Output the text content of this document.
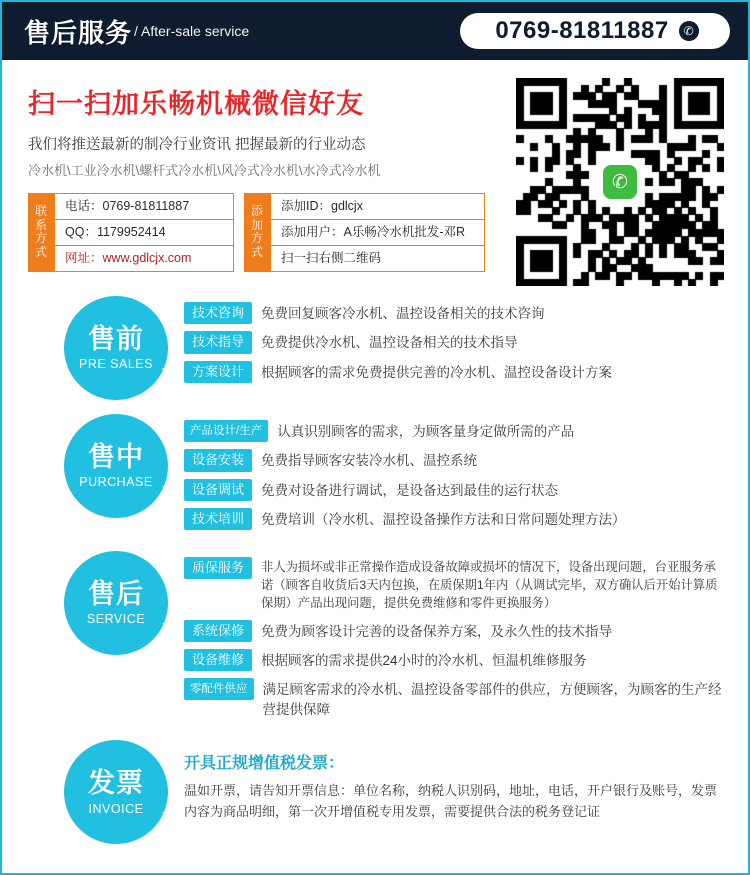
售后服务 / After-sale service	0769-81811887	✆
扫一扫加乐畅机械微信好友
我们将推送最新的制冷行业资讯 把握最新的行业动态
冷水机\工业冷水机\螺杆式冷水机\风冷式冷水机\水冷式冷水机
联系方式
电话：0769-81811887
QQ：1179952414
网址：www.gdlcjx.com
添加方式
添加ID：gdlcjx
添加用户：A乐畅冷水机批发-邓R
扫一扫右侧二维码
✆
售前
PRE SALES
❯
技术咨询	免费回复顾客冷水机、温控设备相关的技术咨询
技术指导	免费提供冷水机、温控设备相关的技术指导
方案设计	根据顾客的需求免费提供完善的冷水机、温控设备设计方案
售中
PURCHASE
❯
产品设计/生产	认真识别顾客的需求，为顾客量身定做所需的产品
设备安装	免费指导顾客安装冷水机、温控系统
设备调试	免费对设备进行调试，是设备达到最佳的运行状态
技术培训	免费培训（冷水机、温控设备操作方法和日常问题处理方法）
售后
SERVICE
❯
质保服务	非人为损坏或非正常操作造成设备故障或损坏的情况下，设备出现问题，台亚服务承诺（顾客自收货后3天内包换，在质保期1年内（从调试完毕，双方确认后开始计算质保期）产品出现问题，提供免费维修和零件更换服务）
系统保修	免费为顾客设计完善的设备保养方案，及永久性的技术指导
设备维修	根据顾客的需求提供24小时的冷水机、恒温机维修服务
零配件供应	满足顾客需求的冷水机、温控设备零部件的供应，方便顾客，为顾客的生产经营提供保障
发票
INVOICE
❯
开具正规增值税发票：
温如开票，请告知开票信息：单位名称，纳税人识别码，地址，电话，开户银行及账号，发票内容为商品明细，第一次开增值税专用发票，需要提供合法的税务登记证
